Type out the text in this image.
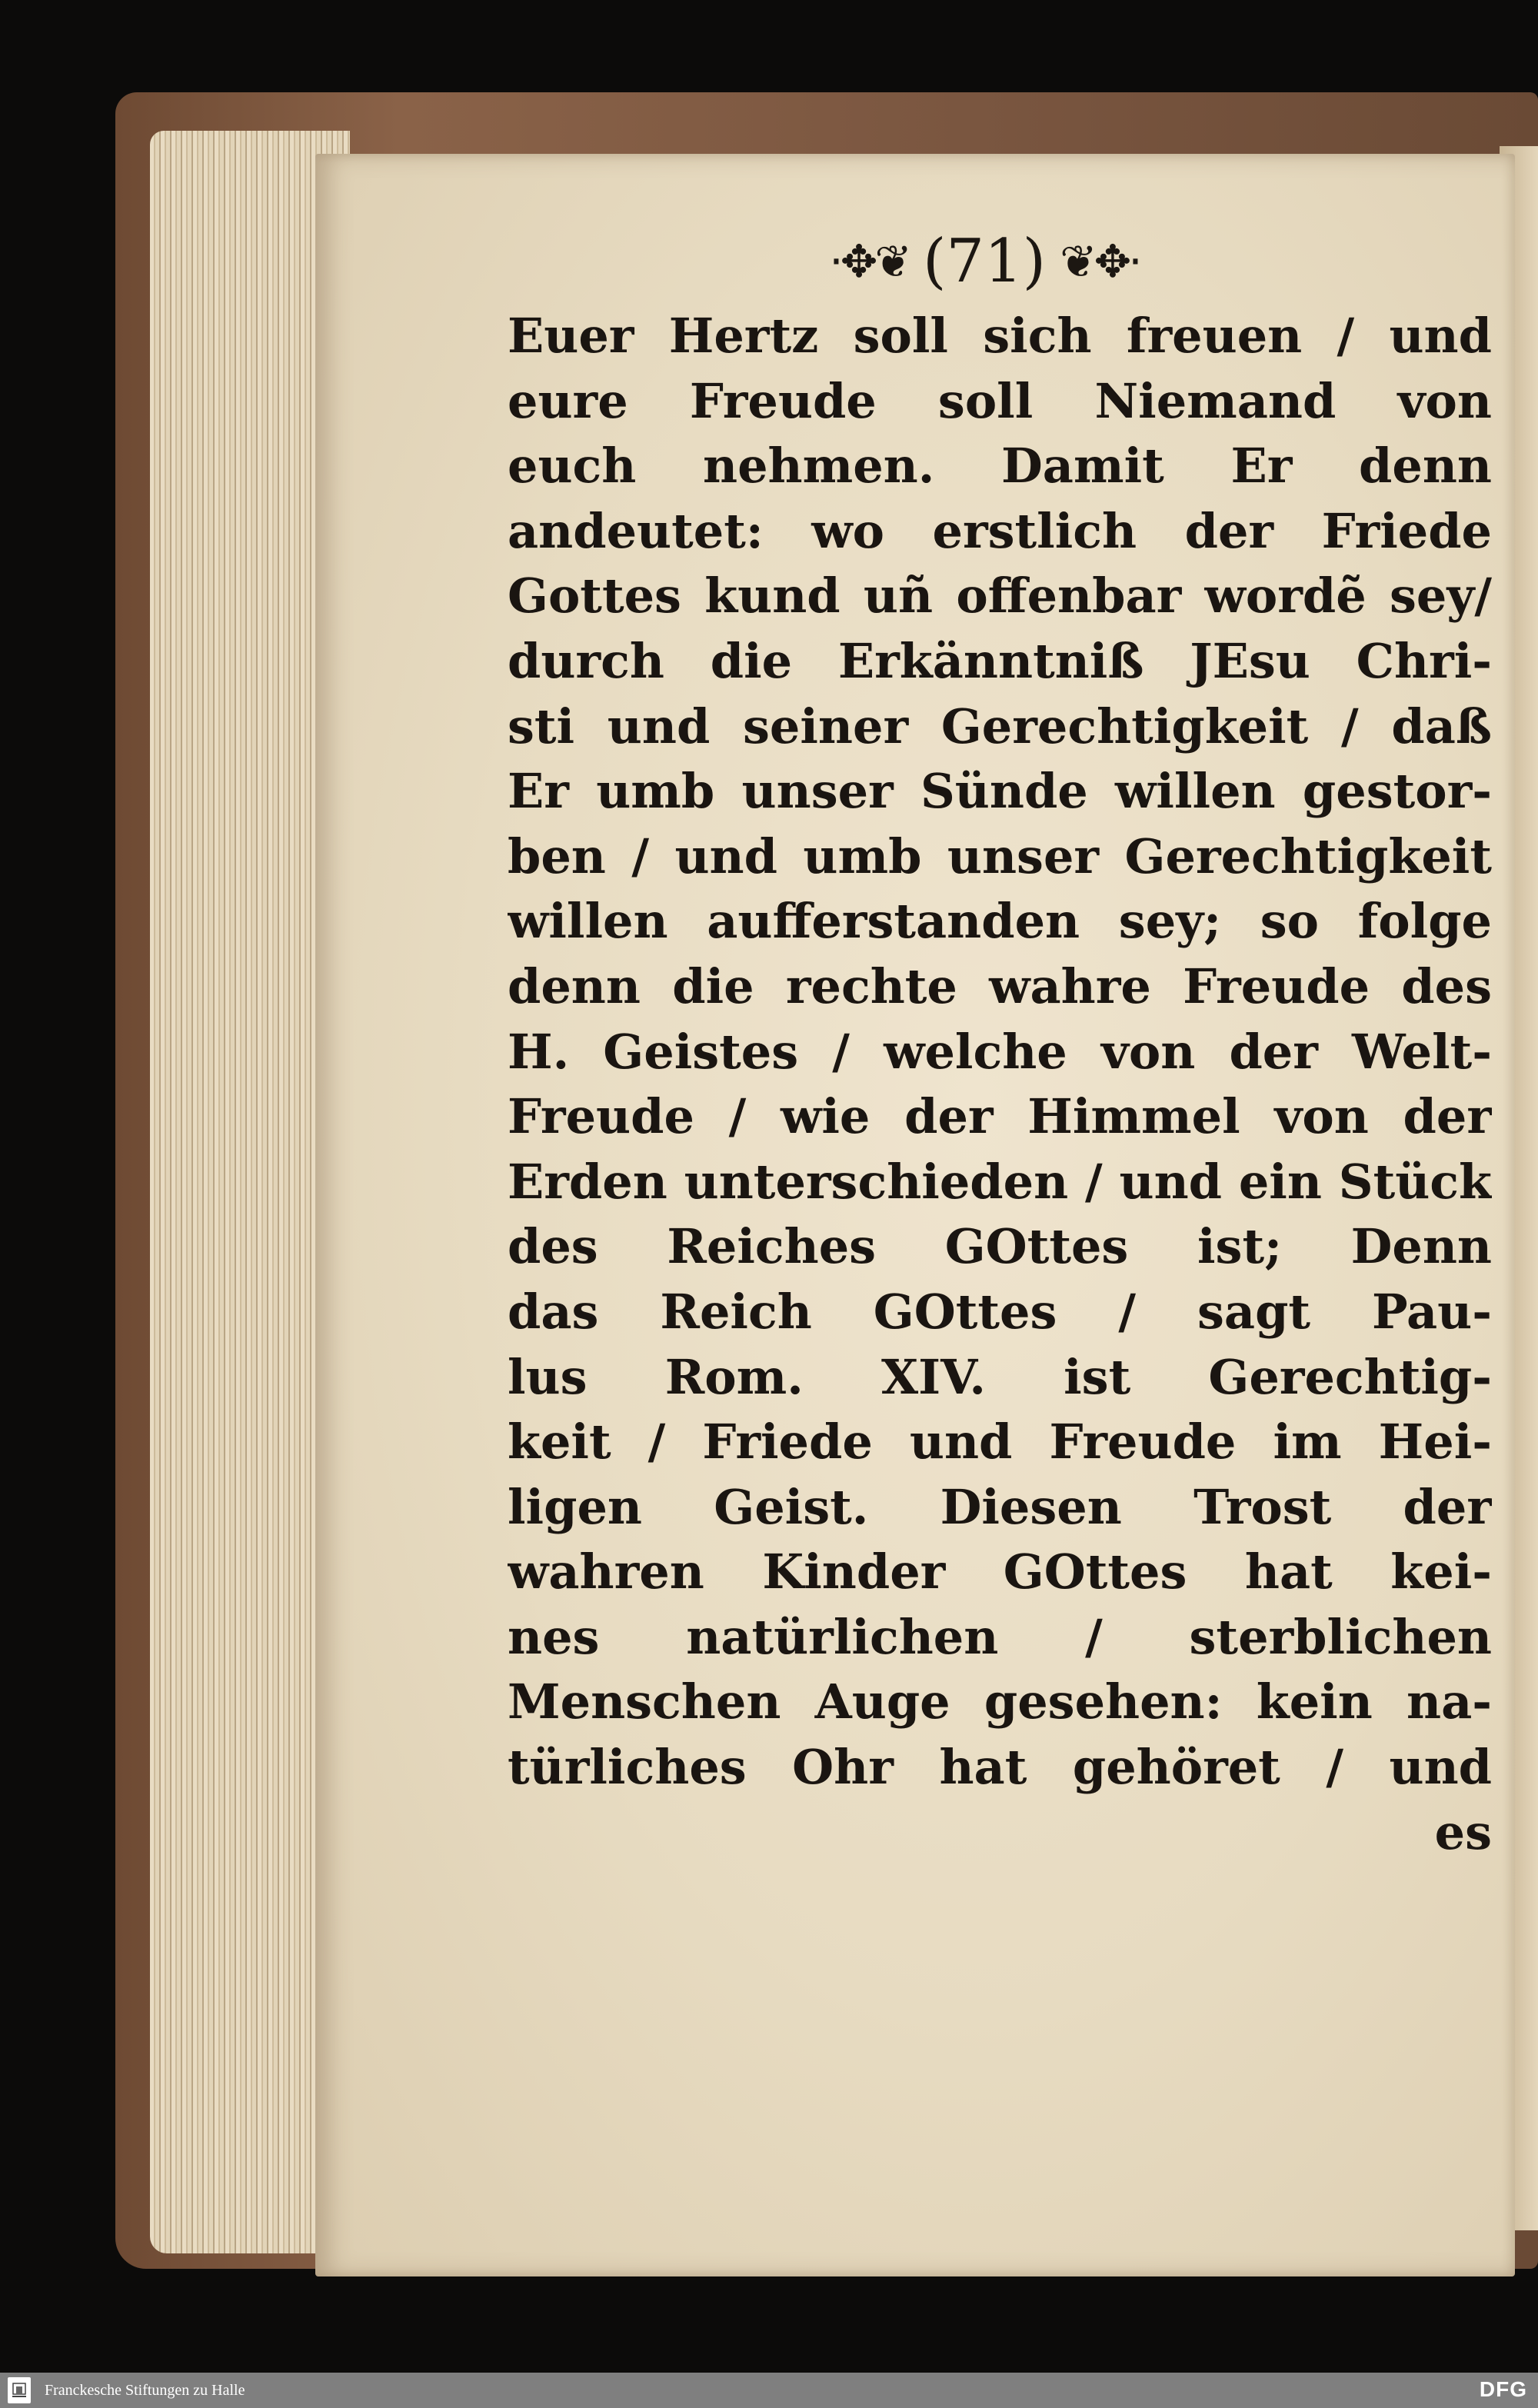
·✥❦ (71) ❦✥·
Euer Hertz soll sich freuen / und
eure Freude soll Niemand von
euch nehmen. Damit Er denn
andeutet: wo erstlich der Friede
Gottes kund uñ offenbar wordẽ sey/
durch die Erkänntniß JEsu Chri-
sti und seiner Gerechtigkeit / daß
Er umb unser Sünde willen gestor-
ben / und umb unser Gerechtigkeit
willen aufferstanden sey; so folge
denn die rechte wahre Freude des
H. Geistes / welche von der Welt-
Freude / wie der Himmel von der
Erden unterschieden / und ein Stück
des Reiches GOttes ist; Denn
das Reich GOttes / sagt Pau-
lus Rom. XIV. ist Gerechtig-
keit / Friede und Freude im Hei-
ligen Geist. Diesen Trost der
wahren Kinder GOttes hat kei-
nes natürlichen / sterblichen
Menschen Auge gesehen: kein na-
türliches Ohr hat gehöret / und
es
Franckesche Stiftungen zu Halle	DFG
